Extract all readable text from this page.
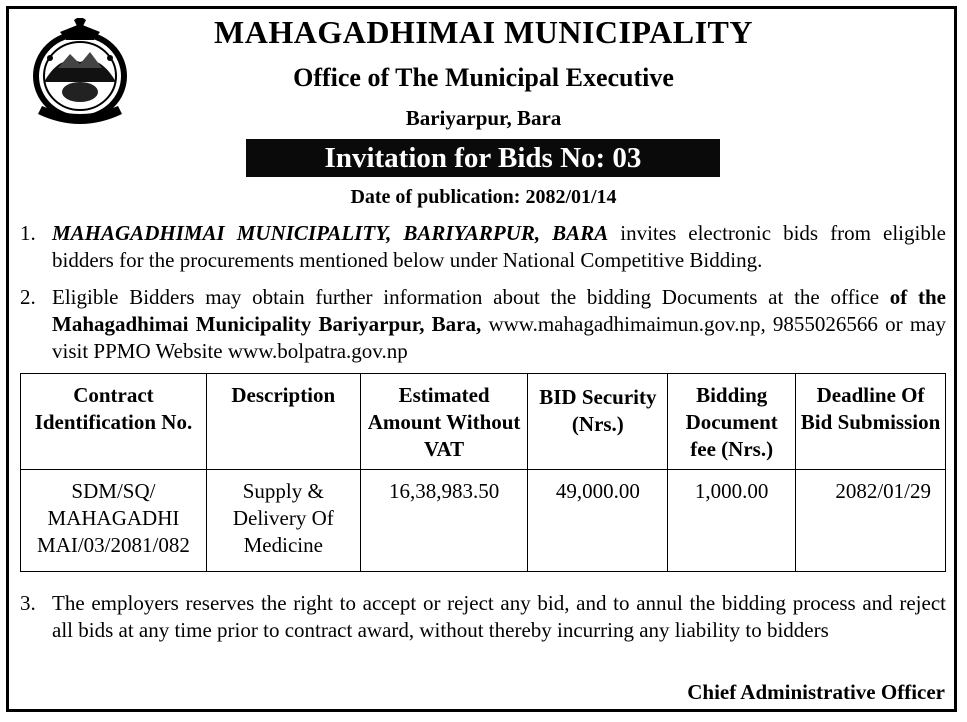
MAHAGADHIMAI MUNICIPALITY
Office of The Municipal Executive
Bariyarpur, Bara
Invitation for Bids No: 03
Date of publication: 2082/01/14
1. MAHAGADHIMAI MUNICIPALITY, BARIYARPUR, BARA invites electronic bids from eligible bidders for the procurements mentioned below under National Competitive Bidding.
2. Eligible Bidders may obtain further information about the bidding Documents at the office of the Mahagadhimai Municipality Bariyarpur, Bara, www.mahagadhimaimun.gov.np, 9855026566 or may visit PPMO Website www.bolpatra.gov.np
Contract Identification No.	Description	Estimated Amount Without VAT	BID Security (Nrs.)	Bidding Document fee (Nrs.)	Deadline Of Bid Submission
SDM/SQ/ MAHAGADHI MAI/03/2081/082	Supply & Delivery Of Medicine	16,38,983.50	49,000.00	1,000.00	2082/01/29
3. The employers reserves the right to accept or reject any bid, and to annul the bidding process and reject all bids at any time prior to contract award, without thereby incurring any liability to bidders
Chief Administrative Officer
